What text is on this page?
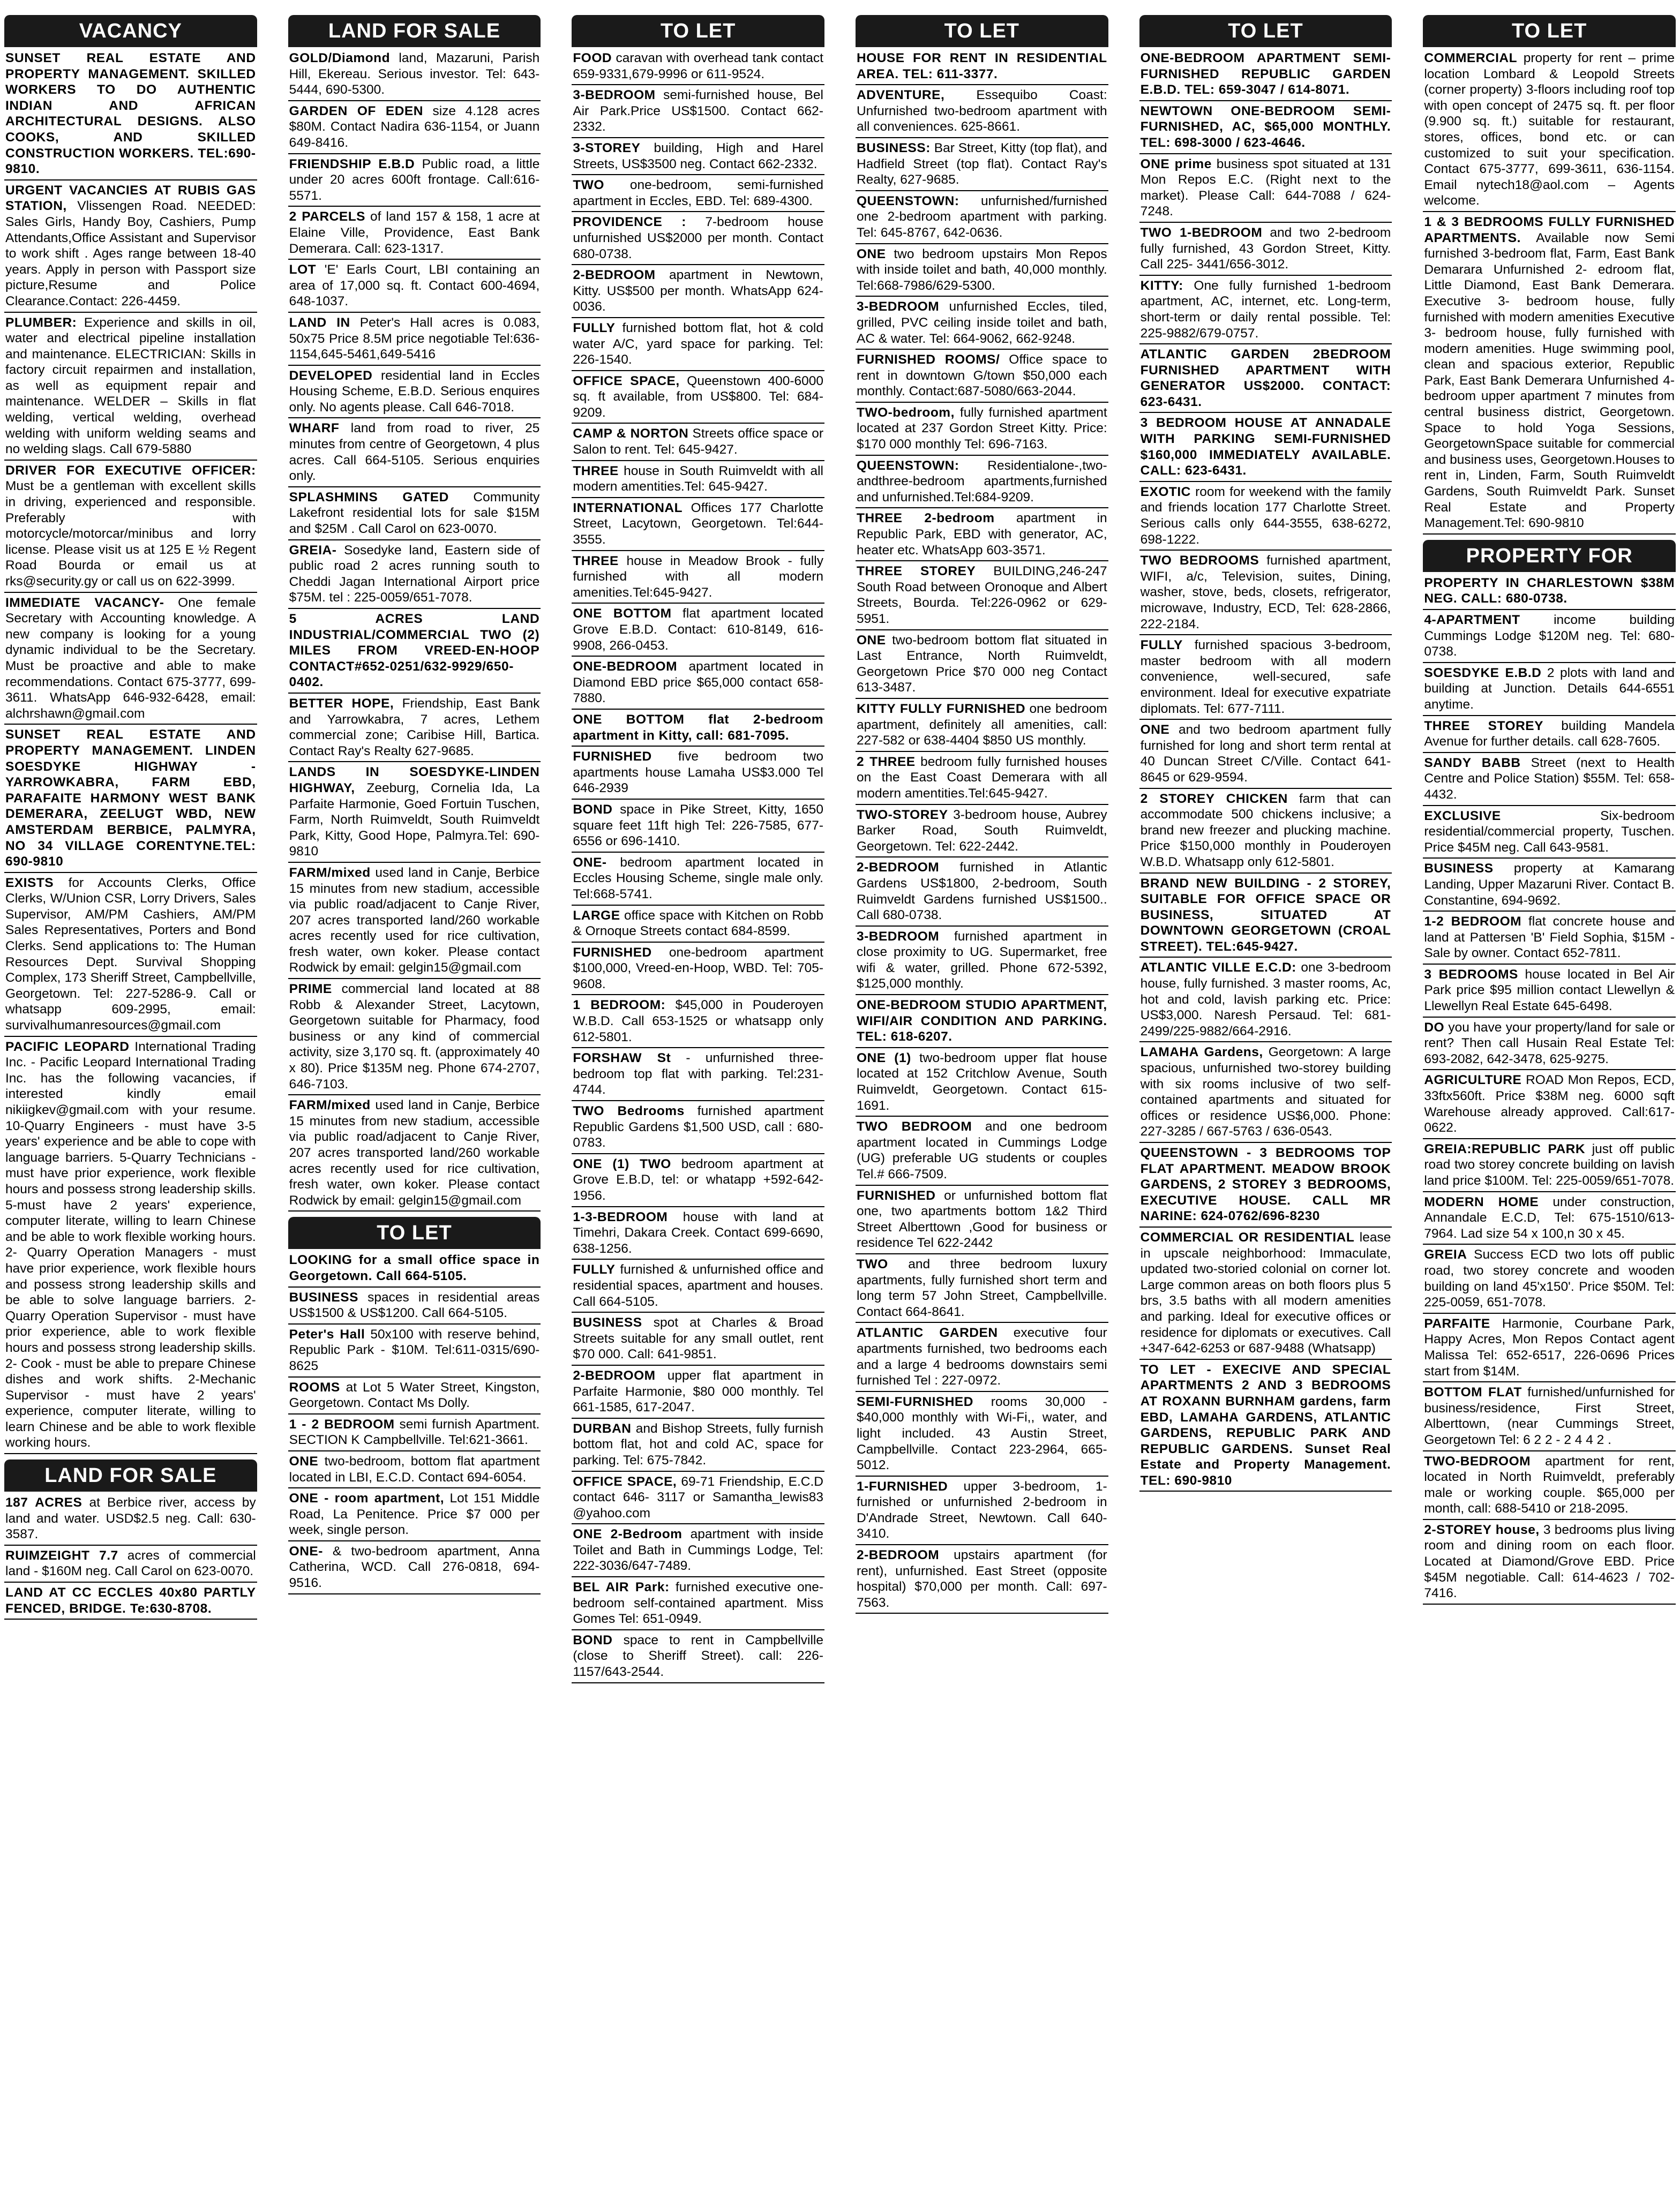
VACANCY
SUNSET REAL ESTATE AND PROPERTY MANAGEMENT. SKILLED WORKERS TO DO AUTHENTIC INDIAN AND AFRICAN ARCHITECTURAL DESIGNS. ALSO COOKS, AND SKILLED CONSTRUCTION WORKERS. TEL:690-9810.
URGENT VACANCIES AT RUBIS GAS STATION, Vlissengen Road. NEEDED: Sales Girls, Handy Boy, Cashiers, Pump Attendants,Office Assistant and Supervisor to work shift . Ages range between 18-40 years. Apply in person with Passport size picture,Resume and Police Clearance.Contact: 226-4459.
PLUMBER: Experience and skills in oil, water and electrical pipeline installation and maintenance. ELECTRICIAN: Skills in factory circuit repairmen and installation, as well as equipment repair and maintenance. WELDER – Skills in flat welding, vertical welding, overhead welding with uniform welding seams and no welding slags. Call 679-5880
DRIVER FOR EXECUTIVE OFFICER: Must be a gentleman with excellent skills in driving, experienced and responsible. Preferably with motorcycle/motorcar/minibus and lorry license. Please visit us at 125 E ½ Regent Road Bourda or email us at rks@security.gy or call us on 622-3999.
IMMEDIATE VACANCY- One female Secretary with Accounting knowledge. A new company is looking for a young dynamic individual to be the Secretary. Must be proactive and able to make recommendations. Contact 675-3777, 699-3611. WhatsApp 646-932-6428, email: alchrshawn@gmail.com
SUNSET REAL ESTATE AND PROPERTY MANAGEMENT. LINDEN SOESDYKE HIGHWAY - YARROWKABRA, FARM EBD, PARAFAITE HARMONY WEST BANK DEMERARA, ZEELUGT WBD, NEW AMSTERDAM BERBICE, PALMYRA, NO 34 VILLAGE CORENTYNE.TEL: 690-9810
EXISTS for Accounts Clerks, Office Clerks, W/Union CSR, Lorry Drivers, Sales Supervisor, AM/PM Cashiers, AM/PM Sales Representatives, Porters and Bond Clerks. Send applications to: The Human Resources Dept. Survival Shopping Complex, 173 Sheriff Street, Campbellville, Georgetown. Tel: 227-5286-9. Call or whatsapp 609-2995, email: survivalhumanresources@gmail.com
PACIFIC LEOPARD International Trading Inc. - Pacific Leopard International Trading Inc. has the following vacancies, if interested kindly email nikiigkev@gmail.com with your resume. 10-Quarry Engineers - must have 3-5 years' experience and be able to cope with language barriers. 5-Quarry Technicians - must have prior experience, work flexible hours and possess strong leadership skills. 5-must have 2 years' experience, computer literate, willing to learn Chinese and be able to work flexible working hours. 2- Quarry Operation Managers - must have prior experience, work flexible hours and possess strong leadership skills and be able to solve language barriers. 2- Quarry Operation Supervisor - must have prior experience, able to work flexible hours and possess strong leadership skills. 2- Cook - must be able to prepare Chinese dishes and work shifts. 2-Mechanic Supervisor - must have 2 years' experience, computer literate, willing to learn Chinese and be able to work flexible working hours.
LAND FOR SALE
187 ACRES at Berbice river, access by land and water. USD$2.5 neg. Call: 630-3587.
RUIMZEIGHT 7.7 acres of commercial land - $160M neg. Call Carol on 623-0070.
LAND AT CC ECCLES 40x80 PARTLY FENCED, BRIDGE. Te:630-8708.
LAND FOR SALE
GOLD/Diamond land, Mazaruni, Parish Hill, Ekereau. Serious investor. Tel: 643-5444, 690-5300.
GARDEN OF EDEN size 4.128 acres $80M. Contact Nadira 636-1154, or Juann 649-8416.
FRIENDSHIP E.B.D Public road, a little under 20 acres 600ft frontage. Call:616-5571.
2 PARCELS of land 157 & 158, 1 acre at Elaine Ville, Providence, East Bank Demerara. Call: 623-1317.
LOT 'E' Earls Court, LBI containing an area of 17,000 sq. ft. Contact 600-4694, 648-1037.
LAND IN Peter's Hall acres is 0.083, 50x75 Price 8.5M price negotiable Tel:636-1154,645-5461,649-5416
DEVELOPED residential land in Eccles Housing Scheme, E.B.D. Serious enquires only. No agents please. Call 646-7018.
WHARF land from road to river, 25 minutes from centre of Georgetown, 4 plus acres. Call 664-5105. Serious enquiries only.
SPLASHMINS GATED Community Lakefront residential lots for sale $15M and $25M . Call Carol on 623-0070.
GREIA- Sosedyke land, Eastern side of public road 2 acres running south to Cheddi Jagan International Airport price $75M. tel : 225-0059/651-7078.
5 ACRES LAND INDUSTRIAL/COMMERCIAL TWO (2) MILES FROM VREED-EN-HOOP CONTACT#652-0251/632-9929/650-0402.
BETTER HOPE, Friendship, East Bank and Yarrowkabra, 7 acres, Lethem commercial zone; Caribise Hill, Bartica. Contact Ray's Realty 627-9685.
LANDS IN SOESDYKE-LINDEN HIGHWAY, Zeeburg, Cornelia Ida, La Parfaite Harmonie, Goed Fortuin Tuschen, Farm, North Ruimveldt, South Ruimveldt Park, Kitty, Good Hope, Palmyra.Tel: 690-9810
FARM/mixed used land in Canje, Berbice 15 minutes from new stadium, accessible via public road/adjacent to Canje River, 207 acres transported land/260 workable acres recently used for rice cultivation, fresh water, own koker. Please contact Rodwick by email: gelgin15@gmail.com
PRIME commercial land located at 88 Robb & Alexander Street, Lacytown, Georgetown suitable for Pharmacy, food business or any kind of commercial activity, size 3,170 sq. ft. (approximately 40 x 80). Price $135M neg. Phone 674-2707, 646-7103.
FARM/mixed used land in Canje, Berbice 15 minutes from new stadium, accessible via public road/adjacent to Canje River, 207 acres transported land/260 workable acres recently used for rice cultivation, fresh water, own koker. Please contact Rodwick by email: gelgin15@gmail.com
TO LET
LOOKING for a small office space in Georgetown. Call 664-5105.
BUSINESS spaces in residential areas US$1500 & US$1200. Call 664-5105.
Peter's Hall 50x100 with reserve behind, Republic Park - $10M. Tel:611-0315/690-8625
ROOMS at Lot 5 Water Street, Kingston, Georgetown. Contact Ms Dolly.
1 - 2 BEDROOM semi furnish Apartment. SECTION K Campbellville. Tel:621-3661.
ONE two-bedroom, bottom flat apartment located in LBI, E.C.D. Contact 694-6054.
ONE - room apartment, Lot 151 Middle Road, La Penitence. Price $7 000 per week, single person.
ONE- & two-bedroom apartment, Anna Catherina, WCD. Call 276-0818, 694-9516.
TO LET
FOOD caravan with overhead tank contact 659-9331,679-9996 or 611-9524.
3-BEDROOM semi-furnished house, Bel Air Park.Price US$1500. Contact 662-2332.
3-STOREY building, High and Harel Streets, US$3500 neg. Contact 662-2332.
TWO one-bedroom, semi-furnished apartment in Eccles, EBD. Tel: 689-4300.
PROVIDENCE : 7-bedroom house unfurnished US$2000 per month. Contact 680-0738.
2-BEDROOM apartment in Newtown, Kitty. US$500 per month. WhatsApp 624-0036.
FULLY furnished bottom flat, hot & cold water A/C, yard space for parking. Tel: 226-1540.
OFFICE SPACE, Queenstown 400-6000 sq. ft available, from US$800. Tel: 684-9209.
CAMP & NORTON Streets office space or Salon to rent. Tel: 645-9427.
THREE house in South Ruimveldt with all modern amentities.Tel: 645-9427.
INTERNATIONAL Offices 177 Charlotte Street, Lacytown, Georgetown. Tel:644-3555.
THREE house in Meadow Brook - fully furnished with all modern amenities.Tel:645-9427.
ONE BOTTOM flat apartment located Grove E.B.D. Contact: 610-8149, 616-9908, 266-0453.
ONE-BEDROOM apartment located in Diamond EBD price $65,000 contact 658-7880.
ONE BOTTOM flat 2-bedroom apartment in Kitty, call: 681-7095.
FURNISHED five bedroom two apartments house Lamaha US$3.000 Tel 646-2939
BOND space in Pike Street, Kitty, 1650 square feet 11ft high Tel: 226-7585, 677-6556 or 696-1410.
ONE- bedroom apartment located in Eccles Housing Scheme, single male only. Tel:668-5741.
LARGE office space with Kitchen on Robb & Ornoque Streets contact 684-8599.
FURNISHED one-bedroom apartment $100,000, Vreed-en-Hoop, WBD. Tel: 705-9608.
1 BEDROOM: $45,000 in Pouderoyen W.B.D. Call 653-1525 or whatsapp only 612-5801.
FORSHAW St - unfurnished three-bedroom top flat with parking. Tel:231-4744.
TWO Bedrooms furnished apartment Republic Gardens $1,500 USD, call : 680-0783.
ONE (1) TWO bedroom apartment at Grove E.B.D, tel: or whatapp +592-642-1956.
1-3-BEDROOM house with land at Timehri, Dakara Creek. Contact 699-6690, 638-1256.
FULLY furnished & unfurnished office and residential spaces, apartment and houses. Call 664-5105.
BUSINESS spot at Charles & Broad Streets suitable for any small outlet, rent $70 000. Call: 641-9851.
2-BEDROOM upper flat apartment in Parfaite Harmonie, $80 000 monthly. Tel 661-1585, 617-2047.
DURBAN and Bishop Streets, fully furnish bottom flat, hot and cold AC, space for parking. Tel: 675-7842.
OFFICE SPACE, 69-71 Friendship, E.C.D contact 646- 3117 or Samantha_lewis83 @yahoo.com
ONE 2-Bedroom apartment with inside Toilet and Bath in Cummings Lodge, Tel: 222-3036/647-7489.
BEL AIR Park: furnished executive one-bedroom self-contained apartment. Miss Gomes Tel: 651-0949.
BOND space to rent in Campbellville (close to Sheriff Street). call: 226-1157/643-2544.
TO LET
HOUSE FOR RENT IN RESIDENTIAL AREA. TEL: 611-3377.
ADVENTURE, Essequibo Coast: Unfurnished two-bedroom apartment with all conveniences. 625-8661.
BUSINESS: Bar Street, Kitty (top flat), and Hadfield Street (top flat). Contact Ray's Realty, 627-9685.
QUEENSTOWN: unfurnished/furnished one 2-bedroom apartment with parking. Tel: 645-8767, 642-0636.
ONE two bedroom upstairs Mon Repos with inside toilet and bath, 40,000 monthly. Tel:668-7986/629-5300.
3-BEDROOM unfurnished Eccles, tiled, grilled, PVC ceiling inside toilet and bath, AC & water. Tel: 664-9062, 662-9248.
FURNISHED ROOMS/ Office space to rent in downtown G/town $50,000 each monthly. Contact:687-5080/663-2044.
TWO-bedroom, fully furnished apartment located at 237 Gordon Street Kitty. Price: $170 000 monthly Tel: 696-7163.
QUEENSTOWN: Residentialone-,two-andthree-bedroom apartments,furnished and unfurnished.Tel:684-9209.
THREE 2-bedroom apartment in Republic Park, EBD with generator, AC, heater etc. WhatsApp 603-3571.
THREE STOREY BUILDING,246-247 South Road between Oronoque and Albert Streets, Bourda. Tel:226-0962 or 629-5951.
ONE two-bedroom bottom flat situated in Last Entrance, North Ruimveldt, Georgetown Price $70 000 neg Contact 613-3487.
KITTY FULLY FURNISHED one bedroom apartment, definitely all amenities, call: 227-582 or 638-4404 $850 US monthly.
2 THREE bedroom fully furnished houses on the East Coast Demerara with all modern amentities.Tel:645-9427.
TWO-STOREY 3-bedroom house, Aubrey Barker Road, South Ruimveldt, Georgetown. Tel: 622-2442.
2-BEDROOM furnished in Atlantic Gardens US$1800, 2-bedroom, South Ruimveldt Gardens furnished US$1500.. Call 680-0738.
3-BEDROOM furnished apartment in close proximity to UG. Supermarket, free wifi & water, grilled. Phone 672-5392, $125,000 monthly.
ONE-BEDROOM STUDIO APARTMENT, WIFI/AIR CONDITION AND PARKING. TEL: 618-6207.
ONE (1) two-bedroom upper flat house located at 152 Critchlow Avenue, South Ruimveldt, Georgetown. Contact 615-1691.
TWO BEDROOM and one bedroom apartment located in Cummings Lodge (UG) preferable UG students or couples Tel.# 666-7509.
FURNISHED or unfurnished bottom flat one, two apartments bottom 1&2 Third Street Alberttown ,Good for business or residence Tel 622-2442
TWO and three bedroom luxury apartments, fully furnished short term and long term 57 John Street, Campbellville. Contact 664-8641.
ATLANTIC GARDEN executive four apartments furnished, two bedrooms each and a large 4 bedrooms downstairs semi furnished Tel : 227-0972.
SEMI-FURNISHED rooms 30,000 - $40,000 monthly with Wi-Fi,, water, and light included. 43 Austin Street, Campbellville. Contact 223-2964, 665-5012.
1-FURNISHED upper 3-bedroom, 1-furnished or unfurnished 2-bedroom in D'Andrade Street, Newtown. Call 640-3410.
2-BEDROOM upstairs apartment (for rent), unfurnished. East Street (opposite hospital) $70,000 per month. Call: 697-7563.
TO LET
ONE-BEDROOM APARTMENT SEMI-FURNISHED REPUBLIC GARDEN E.B.D. TEL: 659-3047 / 614-8071.
NEWTOWN ONE-BEDROOM SEMI-FURNISHED, AC, $65,000 MONTHLY. TEL: 698-3000 / 623-4646.
ONE prime business spot situated at 131 Mon Repos E.C. (Right next to the market). Please Call: 644-7088 / 624-7248.
TWO 1-BEDROOM and two 2-bedroom fully furnished, 43 Gordon Street, Kitty. Call 225- 3441/656-3012.
KITTY: One fully furnished 1-bedroom apartment, AC, internet, etc. Long-term, short-term or daily rental possible. Tel: 225-9882/679-0757.
ATLANTIC GARDEN 2BEDROOM FURNISHED APARTMENT WITH GENERATOR US$2000. CONTACT: 623-6431.
3 BEDROOM HOUSE AT ANNADALE WITH PARKING SEMI-FURNISHED $160,000 IMMEDIATELY AVAILABLE. CALL: 623-6431.
EXOTIC room for weekend with the family and friends location 177 Charlotte Street. Serious calls only 644-3555, 638-6272, 698-1222.
TWO BEDROOMS furnished apartment, WIFI, a/c, Television, suites, Dining, washer, stove, beds, closets, refrigerator, microwave, Industry, ECD, Tel: 628-2866, 222-2184.
FULLY furnished spacious 3-bedroom, master bedroom with all modern convenience, well-secured, safe environment. Ideal for executive expatriate diplomats. Tel: 677-7111.
ONE and two bedroom apartment fully furnished for long and short term rental at 40 Duncan Street C/Ville. Contact 641-8645 or 629-9594.
2 STOREY CHICKEN farm that can accommodate 500 chickens inclusive; a brand new freezer and plucking machine. Price $150,000 monthly in Pouderoyen W.B.D. Whatsapp only 612-5801.
BRAND NEW BUILDING - 2 STOREY, SUITABLE FOR OFFICE SPACE OR BUSINESS, SITUATED AT DOWNTOWN GEORGETOWN (CROAL STREET). TEL:645-9427.
ATLANTIC VILLE E.C.D: one 3-bedroom house, fully furnished. 3 master rooms, Ac, hot and cold, lavish parking etc. Price: US$3,000. Naresh Persaud. Tel: 681-2499/225-9882/664-2916.
LAMAHA Gardens, Georgetown: A large spacious, unfurnished two-storey building with six rooms inclusive of two self-contained apartments and situated for offices or residence US$6,000. Phone: 227-3285 / 667-5763 / 636-0543.
QUEENSTOWN - 3 BEDROOMS TOP FLAT APARTMENT. MEADOW BROOK GARDENS, 2 STOREY 3 BEDROOMS, EXECUTIVE HOUSE. CALL MR NARINE: 624-0762/696-8230
COMMERCIAL OR RESIDENTIAL lease in upscale neighborhood: Immaculate, updated two-storied colonial on corner lot. Large common areas on both floors plus 5 brs, 3.5 baths with all modern amenities and parking. Ideal for executive offices or residence for diplomats or executives. Call +347-642-6253 or 687-9488 (Whatsapp)
TO LET - EXECIVE AND SPECIAL APARTMENTS 2 AND 3 BEDROOMS AT ROXANN BURNHAM gardens, farm EBD, LAMAHA GARDENS, ATLANTIC GARDENS, REPUBLIC PARK AND REPUBLIC GARDENS. Sunset Real Estate and Property Management. TEL: 690-9810
TO LET
COMMERCIAL property for rent – prime location Lombard & Leopold Streets (corner property) 3-floors including roof top with open concept of 2475 sq. ft. per floor (9.900 sq. ft.) suitable for restaurant, stores, offices, bond etc. or can customized to suit your specification. Contact 675-3777, 699-3611, 636-1154. Email nytech18@aol.com – Agents welcome.
1 & 3 BEDROOMS FULLY FURNISHED APARTMENTS. Available now Semi furnished 3-bedroom flat, Farm, East Bank Demarara Unfurnished 2- edroom flat, Little Diamond, East Bank Demerara. Executive 3- bedroom house, fully furnished with modern amenities Executive 3- bedroom house, fully furnished with modern amenities. Huge swimming pool, clean and spacious exterior, Republic Park, East Bank Demerara Unfurnished 4- bedroom upper apartment 7 minutes from central business district, Georgetown. Space to hold Yoga Sessions, GeorgetownSpace suitable for commercial and business uses, Georgetown.Houses to rent in, Linden, Farm, South Ruimveldt Gardens, South Ruimveldt Park. Sunset Real Estate and Property Management.Tel: 690-9810
PROPERTY FOR
PROPERTY IN CHARLESTOWN $38M NEG. CALL: 680-0738.
4-APARTMENT income building Cummings Lodge $120M neg. Tel: 680-0738.
SOESDYKE E.B.D 2 plots with land and building at Junction. Details 644-6551 anytime.
THREE STOREY building Mandela Avenue for further details. call 628-7605.
SANDY BABB Street (next to Health Centre and Police Station) $55M. Tel: 658-4432.
EXCLUSIVE Six-bedroom residential/commercial property, Tuschen. Price $45M neg. Call 643-9581.
BUSINESS property at Kamarang Landing, Upper Mazaruni River. Contact B. Constantine, 694-9692.
1-2 BEDROOM flat concrete house and land at Pattersen 'B' Field Sophia, $15M - Sale by owner. Contact 652-7811.
3 BEDROOMS house located in Bel Air Park price $95 million contact Llewellyn & Llewellyn Real Estate 645-6498.
DO you have your property/land for sale or rent? Then call Husain Real Estate Tel: 693-2082, 642-3478, 625-9275.
AGRICULTURE ROAD Mon Repos, ECD, 33ftx560ft. Price $38M neg. 6000 sqft Warehouse already approved. Call:617-0622.
GREIA:REPUBLIC PARK just off public road two storey concrete building on lavish land price $100M. Tel: 225-0059/651-7078.
MODERN HOME under construction, Annandale E.C.D, Tel: 675-1510/613-7964. Lad size 54 x 100,n 30 x 45.
GREIA Success ECD two lots off public road, two storey concrete and wooden building on land 45'x150'. Price $50M. Tel: 225-0059, 651-7078.
PARFAITE Harmonie, Courbane Park, Happy Acres, Mon Repos Contact agent Malissa Tel: 652-6517, 226-0696 Prices start from $14M.
BOTTOM FLAT furnished/unfurnished for business/residence, First Street, Alberttown, (near Cummings Street, Georgetown Tel: 6 2 2 - 2 4 4 2 .
TWO-BEDROOM apartment for rent, located in North Ruimveldt, preferably male or working couple. $65,000 per month, call: 688-5410 or 218-2095.
2-STOREY house, 3 bedrooms plus living room and dining room on each floor. Located at Diamond/Grove EBD. Price $45M negotiable. Call: 614-4623 / 702-7416.
